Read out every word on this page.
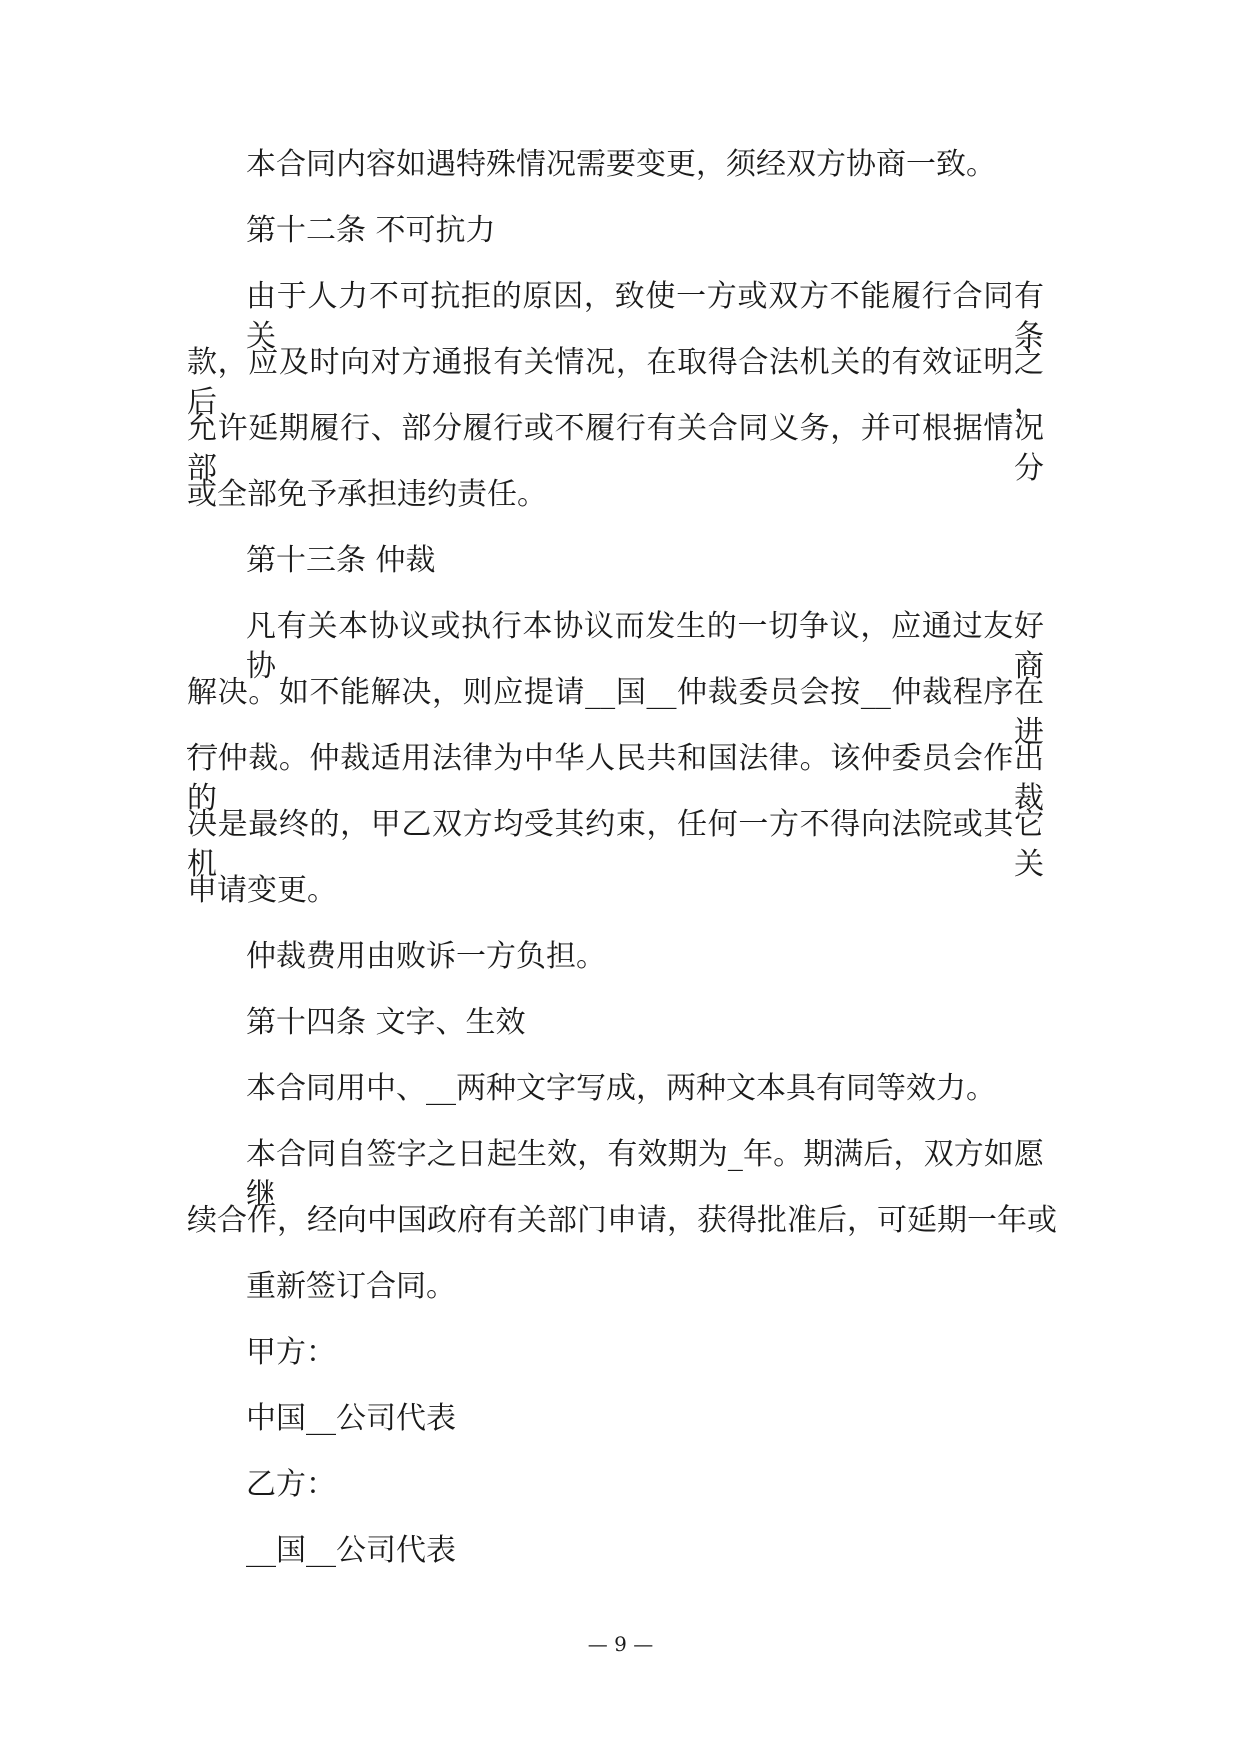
本合同内容如遇特殊情况需要变更，须经双方协商一致。
第十二条 不可抗力
由于人力不可抗拒的原因，致使一方或双方不能履行合同有关条
款，应及时向对方通报有关情况，在取得合法机关的有效证明之后，
允许延期履行、部分履行或不履行有关合同义务，并可根据情况部分
或全部免予承担违约责任。
第十三条 仲裁
凡有关本协议或执行本协议而发生的一切争议，应通过友好协商
解决。如不能解决，则应提请__国__仲裁委员会按__仲裁程序在__进
行仲裁。仲裁适用法律为中华人民共和国法律。该仲委员会作出的裁
决是最终的，甲乙双方均受其约束，任何一方不得向法院或其它机关
申请变更。
仲裁费用由败诉一方负担。
第十四条 文字、生效
本合同用中、__两种文字写成，两种文本具有同等效力。
本合同自签字之日起生效，有效期为_年。期满后，双方如愿继
续合作，经向中国政府有关部门申请，获得批准后，可延期一年或
重新签订合同。
甲方：
中国__公司代表
乙方：
__国__公司代表
— 9 —
